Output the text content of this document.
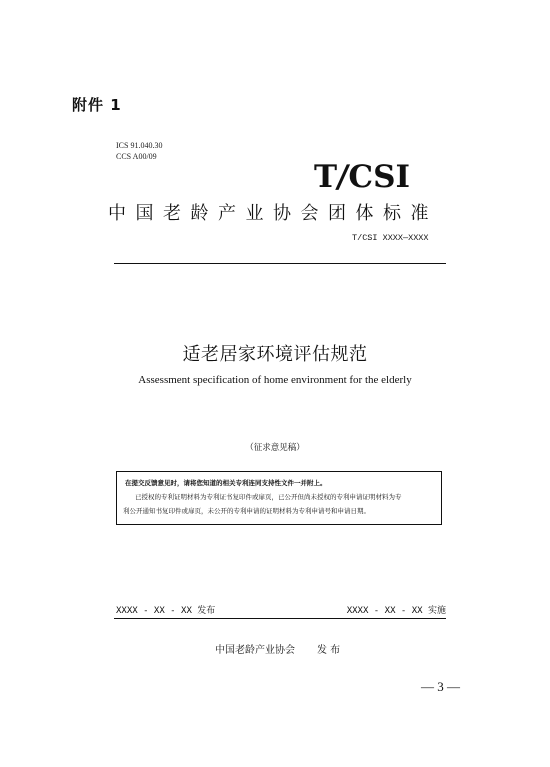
附件 1
ICS 91.040.30
CCS A00/09
T/CSI
中国老龄产业协会团体标准
T/CSI XXXX—XXXX
适老居家环境评估规范
Assessment specification of home environment for the elderly
（征求意见稿）
在提交反馈意见时，请将您知道的相关专利连同支持性文件一并附上。
已授权的专利证明材料为专利证书复印件或扉页，已公开但尚未授权的专利申请证明材料为专
利公开通知书复印件或扉页，未公开的专利申请的证明材料为专利申请号和申请日期。
XXXX - XX - XX 发布	XXXX - XX - XX 实施
中国老龄产业协会 发 布
— 3 —
